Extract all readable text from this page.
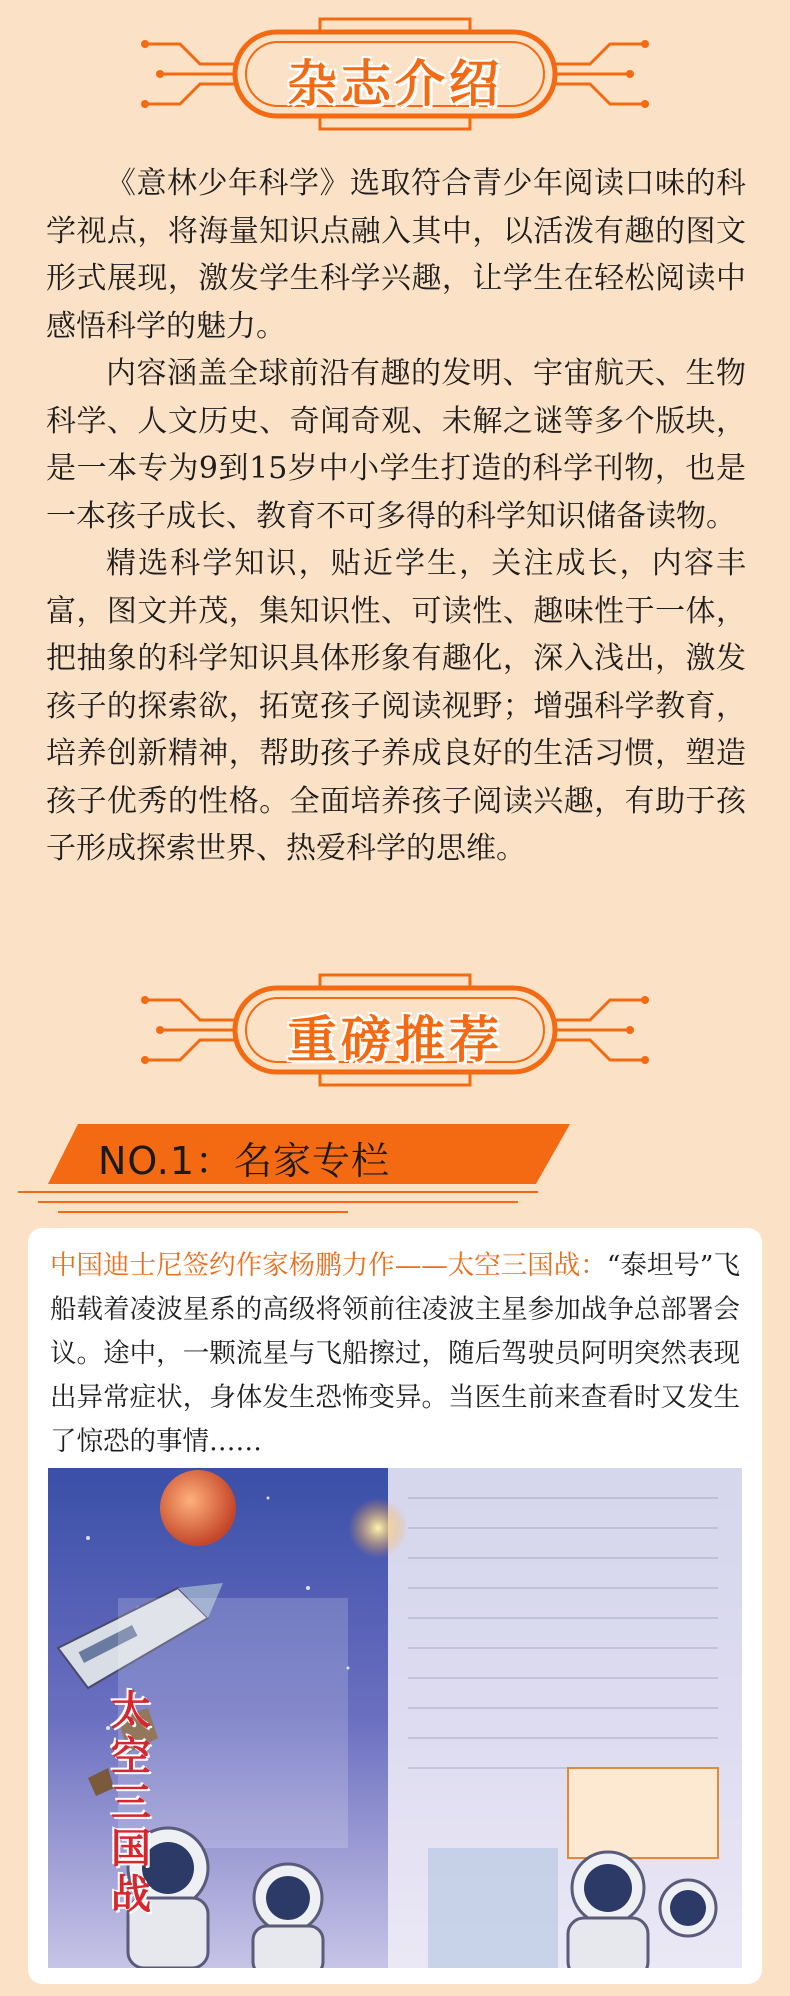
杂志介绍

《意林少年科学》选取符合青少年阅读口味的科学视点，将海量知识点融入其中，以活泼有趣的图文形式展现，激发学生科学兴趣，让学生在轻松阅读中感悟科学的魅力。

内容涵盖全球前沿有趣的发明、宇宙航天、生物科学、人文历史、奇闻奇观、未解之谜等多个版块，是一本专为9到15岁中小学生打造的科学刊物，也是一本孩子成长、教育不可多得的科学知识储备读物。

精选科学知识，贴近学生，关注成长，内容丰富，图文并茂，集知识性、可读性、趣味性于一体，把抽象的科学知识具体形象有趣化，深入浅出，激发孩子的探索欲，拓宽孩子阅读视野；增强科学教育，培养创新精神，帮助孩子养成良好的生活习惯，塑造孩子优秀的性格。全面培养孩子阅读兴趣，有助于孩子形成探索世界、热爱科学的思维。

重磅推荐
NO.1：名家专栏
中国迪士尼签约作家杨鹏力作——太空三国战：“泰坦号”飞船载着凌波星系的高级将领前往凌波主星参加战争总部署会议。途中，一颗流星与飞船擦过，随后驾驶员阿明突然表现出异常症状，身体发生恐怖变异。当医生前来查看时又发生了惊恐的事情……
太空三国战
